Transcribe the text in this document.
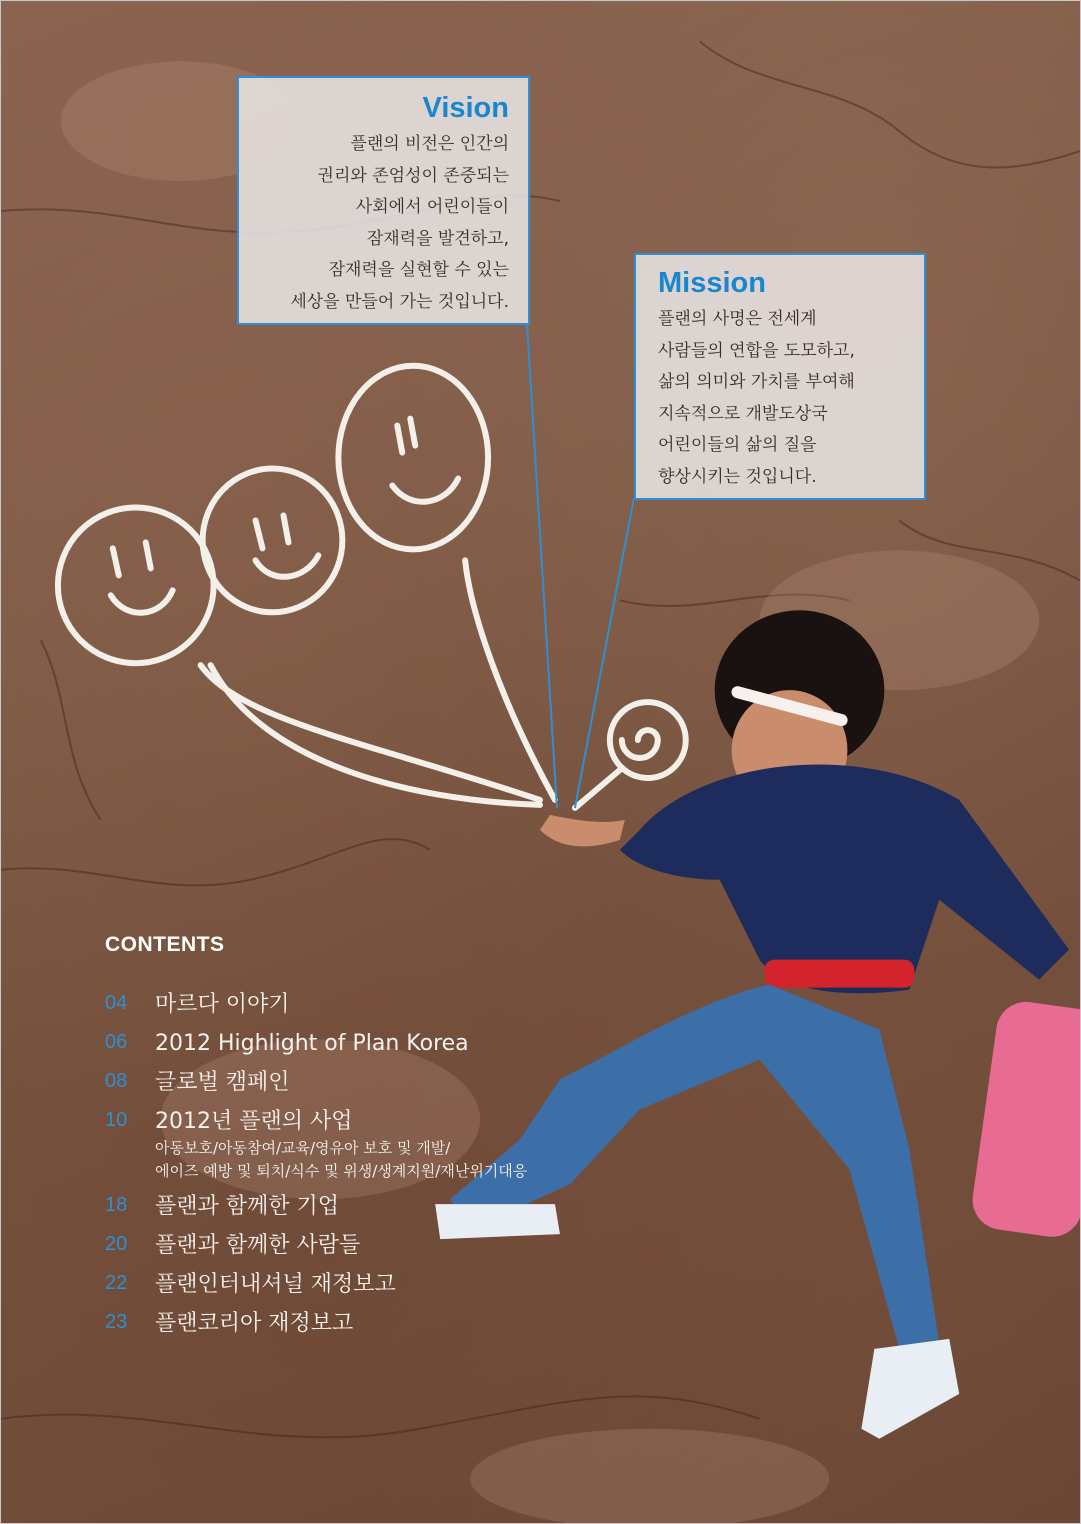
Vision

플랜의 비전은 인간의

권리와 존엄성이 존중되는

사회에서 어린이들이

잠재력을 발견하고,

잠재력을 실현할 수 있는

세상을 만들어 가는 것입니다.

Mission

플랜의 사명은 전세계

사람들의 연합을 도모하고,

삶의 의미와 가치를 부여해

지속적으로 개발도상국

어린이들의 삶의 질을

향상시키는 것입니다.

CONTENTS
04 마르다 이야기
06 2012 Highlight of Plan Korea
08 글로벌 캠페인
10 2012년 플랜의 사업
아동보호/아동참여/교육/영유아 보호 및 개발/
에이즈 예방 및 퇴치/식수 및 위생/생계지원/재난위기대응
18 플랜과 함께한 기업
20 플랜과 함께한 사람들
22 플랜인터내셔널 재정보고
23 플랜코리아 재정보고
